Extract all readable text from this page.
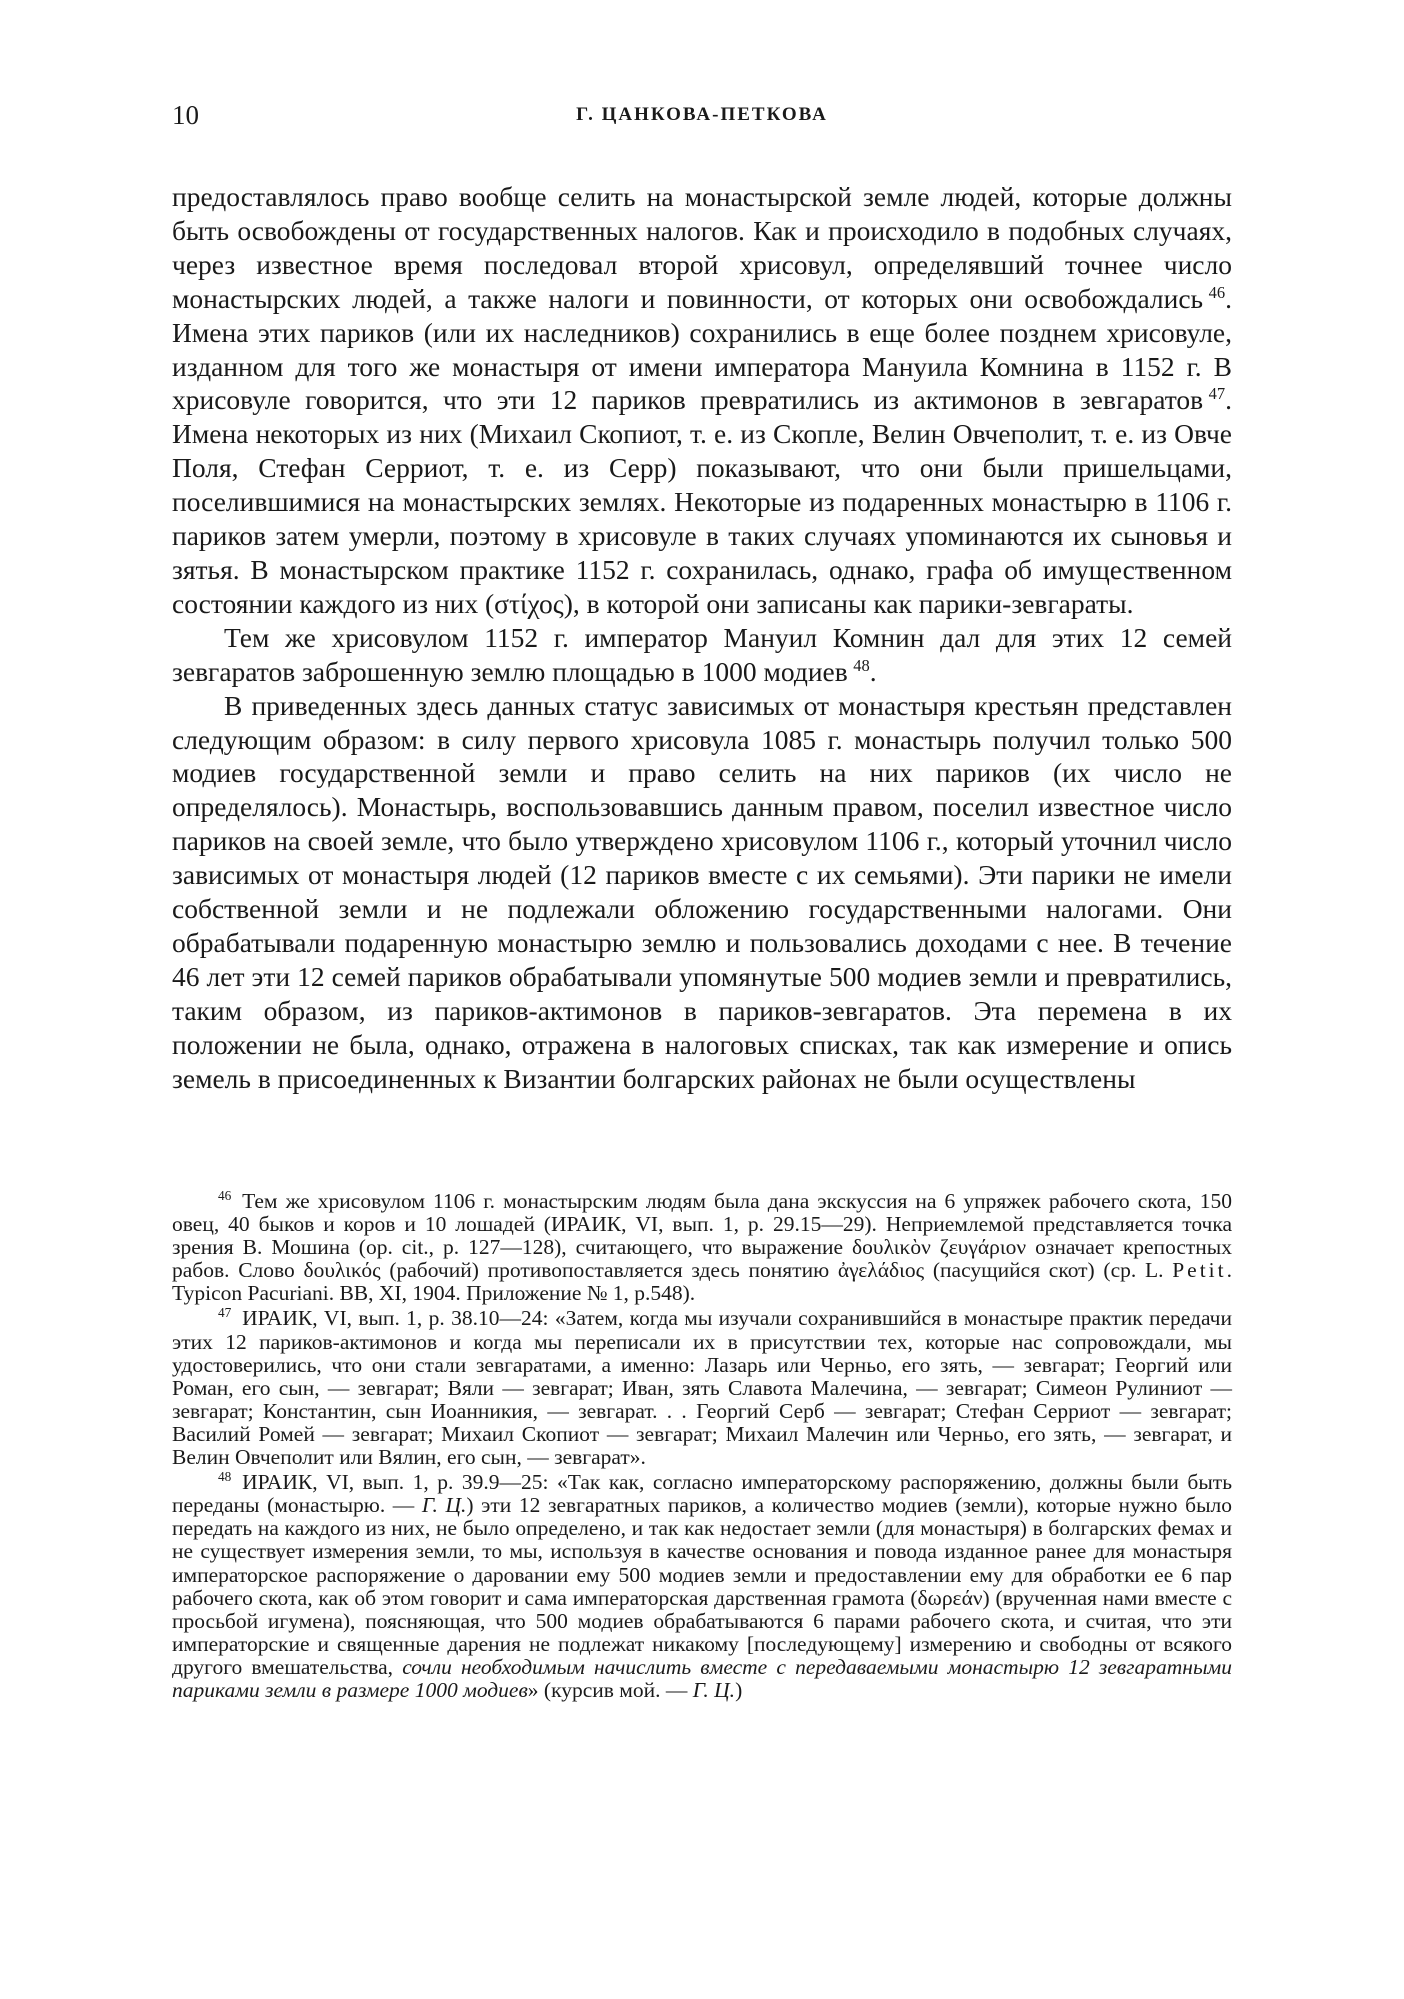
10	Г. ЦАНКОВА-ПЕТКОВА

предоставлялось право вообще селить на монастырской земле людей, которые должны быть освобождены от государственных налогов. Как и происходило в подобных случаях, через известное время последовал второй хрисовул, определявший точнее число монастырских людей, а также налоги и повинности, от которых они освобождались  $^{46}$. Имена этих париков (или их наследников) сохранились в еще более позднем хрисовуле, изданном для того же монастыря от имени императора Мануила Комнина в 1152 г. В хрисовуле говорится, что эти 12 париков превратились из актимонов в зевгаратов  $^{47}$. Имена некоторых из них (Михаил Скопиот, т. е. из Скопле, Велин Овчеполит, т. е. из Овче Поля, Стефан Серриот, т. е. из Серр) показывают, что они были пришельцами, поселившимися на монастырских землях. Некоторые из подаренных монастырю в 1106 г. париков затем умерли, поэтому в хрисовуле в таких случаях упоминаются их сыновья и зятья. В монастырском практике 1152 г. сохранилась, однако, графа об имущественном состоянии каждого из них (στίχος), в которой они записаны как парики-зевгараты.

Тем же хрисовулом 1152 г. император Мануил Комнин дал для этих 12 семей зевгаратов заброшенную землю площадью в 1000 модиев  $^{48}$.

В приведенных здесь данных статус зависимых от монастыря крестьян представлен следующим образом: в силу первого хрисовула 1085 г. монастырь получил только 500 модиев государственной земли и право селить на них париков (их число не определялось). Монастырь, воспользовавшись данным правом, поселил известное число париков на своей земле, что было утверждено хрисовулом 1106 г., который уточнил число зависимых от монастыря людей (12 париков вместе с их семьями). Эти парики не имели собственной земли и не подлежали обложению государственными налогами. Они обрабатывали подаренную монастырю землю и пользовались доходами с нее. В течение 46 лет эти 12 семей париков обрабатывали упомянутые 500 модиев земли и превратились, таким образом, из париков-актимонов в париков-зевгаратов. Эта перемена в их положении не была, однако, отражена в налоговых списках, так как измерение и опись земель в присоединенных к Византии болгарских районах не были осуществлены

$^{46}$  Тем же хрисовулом 1106 г. монастырским людям была дана экскуссия на 6 упряжек рабочего скота, 150 овец, 40 быков и коров и 10 лошадей (ИРАИК, VI, вып. 1, р. 29.15—29). Неприемлемой представляется точка зрения В. Мошина (ор. cit., р. 127—128), считающего, что выражение δουλικὸν ζευγάριον означает крепостных рабов. Слово δουλικός (рабочий) противопоставляется здесь понятию ἀγελάδιος (пасущийся скот) (ср. L. Petit. Typicon Pacuriani. BB, XI, 1904. Приложение № 1, р.548).

$^{47}$  ИРАИК, VI, вып. 1, р. 38.10—24: «Затем, когда мы изучали сохранившийся в монастыре практик передачи этих 12 париков-актимонов и когда мы переписали их в присутствии тех, которые нас сопровождали, мы удостоверились, что они стали зевгаратами, а именно: Лазарь или Черньо, его зять, — зевгарат; Георгий или Роман, его сын, — зевгарат; Вяли — зевгарат; Иван, зять Славота Малечина, — зевгарат; Симеон Рулиниот — зевгарат; Константин, сын Иоанникия, — зевгарат. . . Георгий Серб — зевгарат; Стефан Серриот — зевгарат; Василий Ромей — зевгарат; Михаил Скопиот — зевгарат; Михаил Малечин или Черньо, его зять, — зевгарат, и Велин Овчеполит или Вялин, его сын, — зевгарат».

$^{48}$  ИРАИК, VI, вып. 1, р. 39.9—25: «Так как, согласно императорскому распоряжению, должны были быть переданы (монастырю. — Г. Ц.) эти 12 зевгаратных париков, а количество модиев (земли), которые нужно было передать на каждого из них, не было определено, и так как недостает земли (для монастыря) в болгарских фемах и не существует измерения земли, то мы, используя в качестве основания и повода изданное ранее для монастыря императорское распоряжение о даровании ему 500 модиев земли и предоставлении ему для обработки ее 6 пар рабочего скота, как об этом говорит и сама императорская дарственная грамота (δωρεάν) (врученная нами вместе с просьбой игумена), поясняющая, что 500 модиев обрабатываются 6 парами рабочего скота, и считая, что эти императорские и священные дарения не подлежат никакому [последующему] измерению и свободны от всякого другого вмешательства, сочли необходимым начислить вместе с передаваемыми монастырю 12 зевгаратными париками земли в размере 1000 модиев» (курсив мой. — Г. Ц.)
